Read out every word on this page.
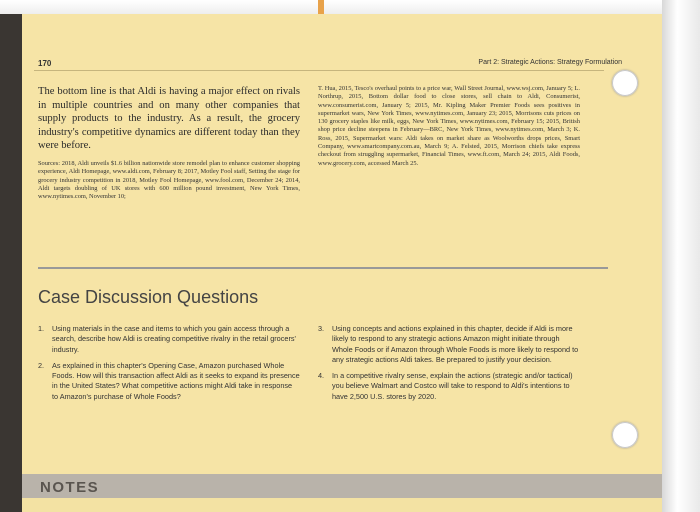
170	Part 2: Strategic Actions: Strategy Formulation
The bottom line is that Aldi is having a major effect on rivals in multiple countries and on many other companies that supply products to the industry. As a result, the grocery industry's competitive dynamics are different today than they were before.
Sources: 2018, Aldi unveils $1.6 billion nationwide store remodel plan to enhance customer shopping experience, Aldi Homepage, www.aldi.com, February 8; 2017, Motley Fool staff, Setting the stage for grocery industry competition in 2018, Motley Fool Homepage, www.fool.com, December 24; 2014, Aldi targets doubling of UK stores with 600 million pound investment, New York Times, www.nytimes.com, November 10;
T. Hua, 2015, Tesco's overhaul points to a price war, Wall Street Journal, www.wsj.com, January 5; L. Northrup, 2015, Bottom dollar food to close stores, sell chain to Aldi, Consumerist, www.consumerist.com, January 5; 2015, Mr. Kipling Maker Premier Foods sees positives in supermarket wars, New York Times, www.nytimes.com, January 23; 2015, Morrisons cuts prices on 130 grocery staples like milk, eggs, New York Times, www.nytimes.com, February 15; 2015, British shop price decline steepens in February—BRC, New York Times, www.nytimes.com, March 3; K. Ross, 2015, Supermarket wars: Aldi takes on market share as Woolworths drops prices, Smart Company, www.smartcompany.com.au, March 9; A. Felsted, 2015, Morrison chiefs take express checkout from struggling supermarket, Financial Times, www.ft.com, March 24; 2015, Aldi Foods, www.grocery.com, accessed March 25.
Case Discussion Questions
1.	Using materials in the case and items to which you gain access through a search, describe how Aldi is creating competitive rivalry in the retail grocers' industry.
2.	As explained in this chapter's Opening Case, Amazon purchased Whole Foods. How will this transaction affect Aldi as it seeks to expand its presence in the United States? What competitive actions might Aldi take in response to Amazon's purchase of Whole Foods?
3.	Using concepts and actions explained in this chapter, decide if Aldi is more likely to respond to any strategic actions Amazon might initiate through Whole Foods or if Amazon through Whole Foods is more likely to respond to any strategic actions Aldi takes. Be prepared to justify your decision.
4.	In a competitive rivalry sense, explain the actions (strategic and/or tactical) you believe Walmart and Costco will take to respond to Aldi's intentions to have 2,500 U.S. stores by 2020.
NOTES
